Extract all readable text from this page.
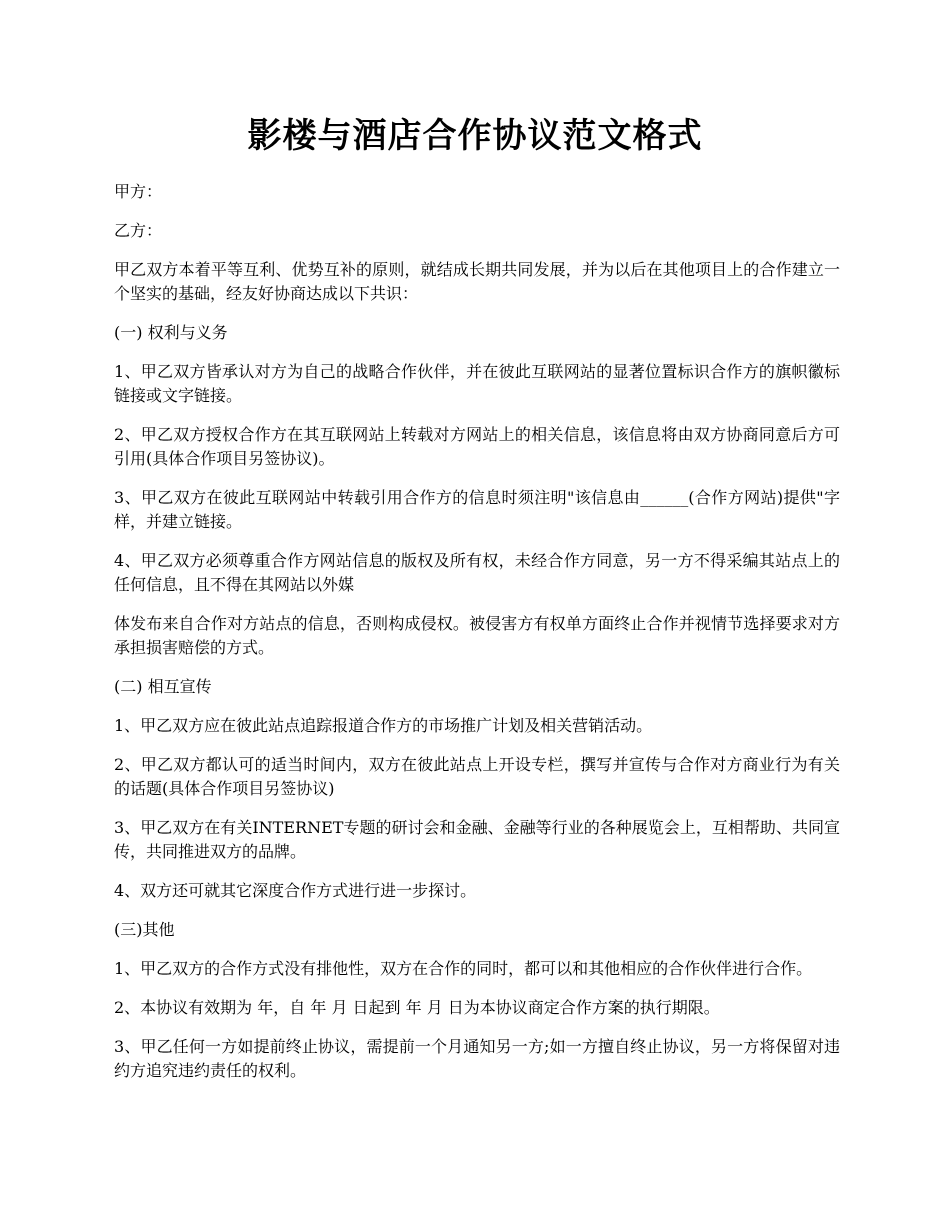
影楼与酒店合作协议范文格式

甲方：

乙方：

甲乙双方本着平等互利、优势互补的原则，就结成长期共同发展，并为以后在其他项目上的合作建立一个坚实的基础，经友好协商达成以下共识：

(一) 权利与义务

1、甲乙双方皆承认对方为自己的战略合作伙伴，并在彼此互联网站的显著位置标识合作方的旗帜徽标链接或文字链接。

2、甲乙双方授权合作方在其互联网站上转载对方网站上的相关信息，该信息将由双方协商同意后方可引用(具体合作项目另签协议)。

3、甲乙双方在彼此互联网站中转载引用合作方的信息时须注明"该信息由______(合作方网站)提供"字样，并建立链接。

4、甲乙双方必须尊重合作方网站信息的版权及所有权，未经合作方同意，另一方不得采编其站点上的任何信息，且不得在其网站以外媒

体发布来自合作对方站点的信息，否则构成侵权。被侵害方有权单方面终止合作并视情节选择要求对方承担损害赔偿的方式。

(二) 相互宣传

1、甲乙双方应在彼此站点追踪报道合作方的市场推广计划及相关营销活动。

2、甲乙双方都认可的适当时间内，双方在彼此站点上开设专栏，撰写并宣传与合作对方商业行为有关的话题(具体合作项目另签协议)

3、甲乙双方在有关INTERNET专题的研讨会和金融、金融等行业的各种展览会上，互相帮助、共同宣传，共同推进双方的品牌。

4、双方还可就其它深度合作方式进行进一步探讨。

(三)其他

1、甲乙双方的合作方式没有排他性，双方在合作的同时，都可以和其他相应的合作伙伴进行合作。

2、本协议有效期为 年，自 年 月 日起到 年 月 日为本协议商定合作方案的执行期限。

3、甲乙任何一方如提前终止协议，需提前一个月通知另一方;如一方擅自终止协议，另一方将保留对违约方追究违约责任的权利。
